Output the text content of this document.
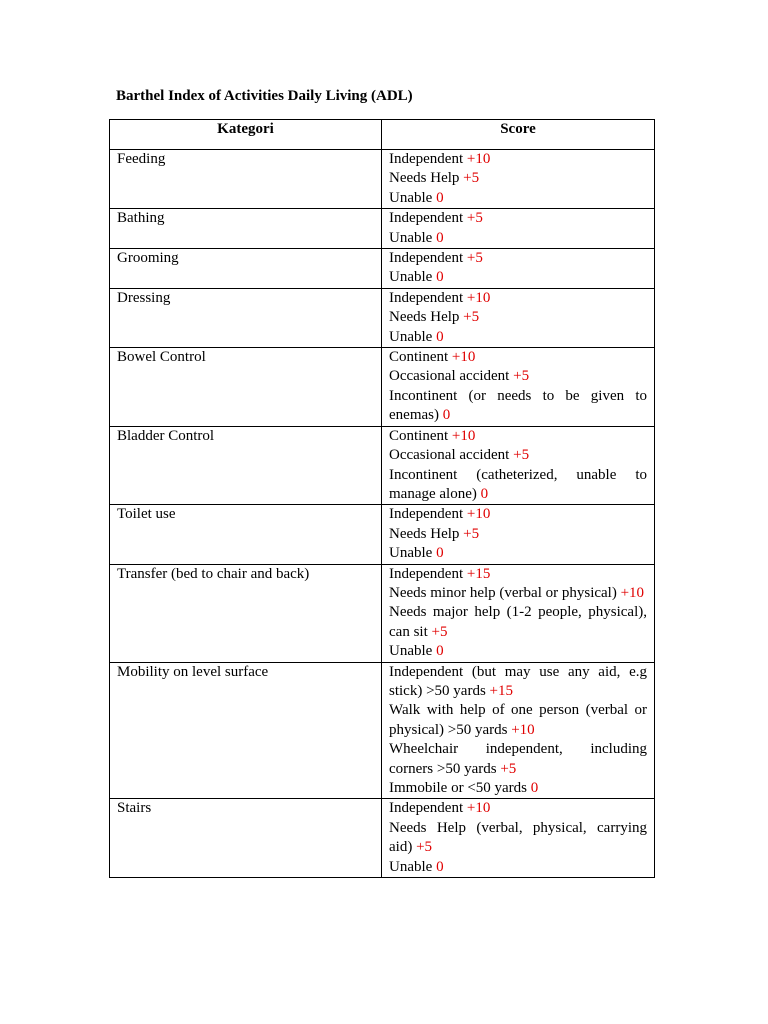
Barthel Index of Activities Daily Living (ADL)
Kategori	Score
Feeding	Independent +10
Needs Help +5
Unable 0

Bathing	Independent +5
Unable 0

Grooming	Independent +5
Unable 0

Dressing	Independent +10
Needs Help +5
Unable 0

Bowel Control	Continent +10
Occasional accident +5
Incontinent (or needs to be given to enemas) 0

Bladder Control	Continent +10
Occasional accident +5
Incontinent (catheterized, unable to manage alone) 0

Toilet use	Independent +10
Needs Help +5
Unable 0

Transfer (bed to chair and back)	Independent +15
Needs minor help (verbal or physical) +10
Needs major help (1-2 people, physical), can sit +5
Unable 0

Mobility on level surface	Independent (but may use any aid, e.g stick) >50 yards +15
Walk with help of one person (verbal or physical) >50 yards +10
Wheelchair independent, including corners >50 yards +5
Immobile or <50 yards 0

Stairs	Independent +10
Needs Help (verbal, physical, carrying aid) +5
Unable 0
